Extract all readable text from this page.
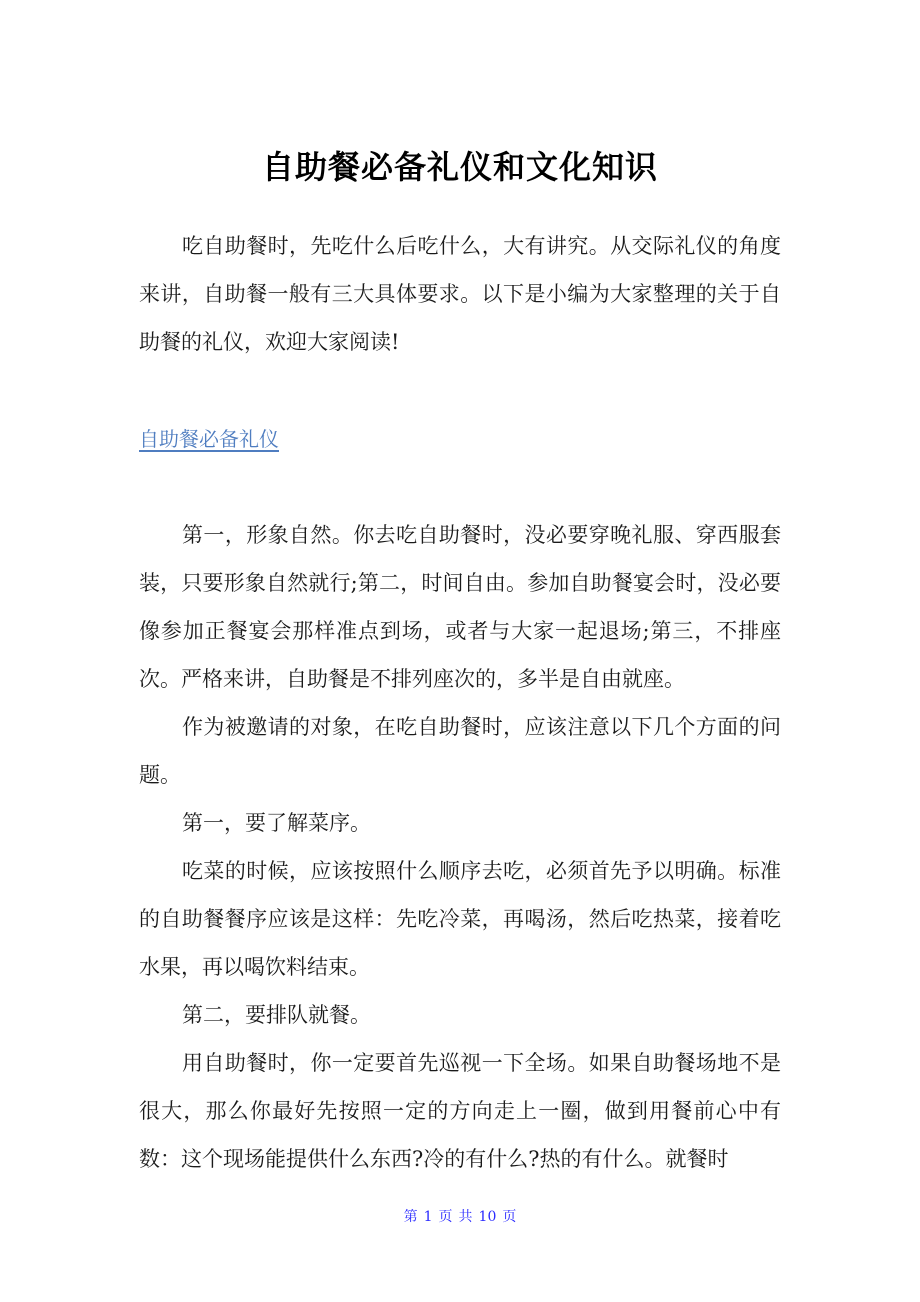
自助餐必备礼仪和文化知识

吃自助餐时，先吃什么后吃什么，大有讲究。从交际礼仪的角度来讲，自助餐一般有三大具体要求。以下是小编为大家整理的关于自助餐的礼仪，欢迎大家阅读!

自助餐必备礼仪

第一，形象自然。你去吃自助餐时，没必要穿晚礼服、穿西服套装，只要形象自然就行;第二，时间自由。参加自助餐宴会时，没必要像参加正餐宴会那样准点到场，或者与大家一起退场;第三，不排座次。严格来讲，自助餐是不排列座次的，多半是自由就座。

作为被邀请的对象，在吃自助餐时，应该注意以下几个方面的问题。

第一，要了解菜序。

吃菜的时候，应该按照什么顺序去吃，必须首先予以明确。标准的自助餐餐序应该是这样：先吃冷菜，再喝汤，然后吃热菜，接着吃水果，再以喝饮料结束。

第二，要排队就餐。

用自助餐时，你一定要首先巡视一下全场。如果自助餐场地不是很大，那么你最好先按照一定的方向走上一圈，做到用餐前心中有数：这个现场能提供什么东西?冷的有什么?热的有什么。就餐时

第 1 页 共 10 页
